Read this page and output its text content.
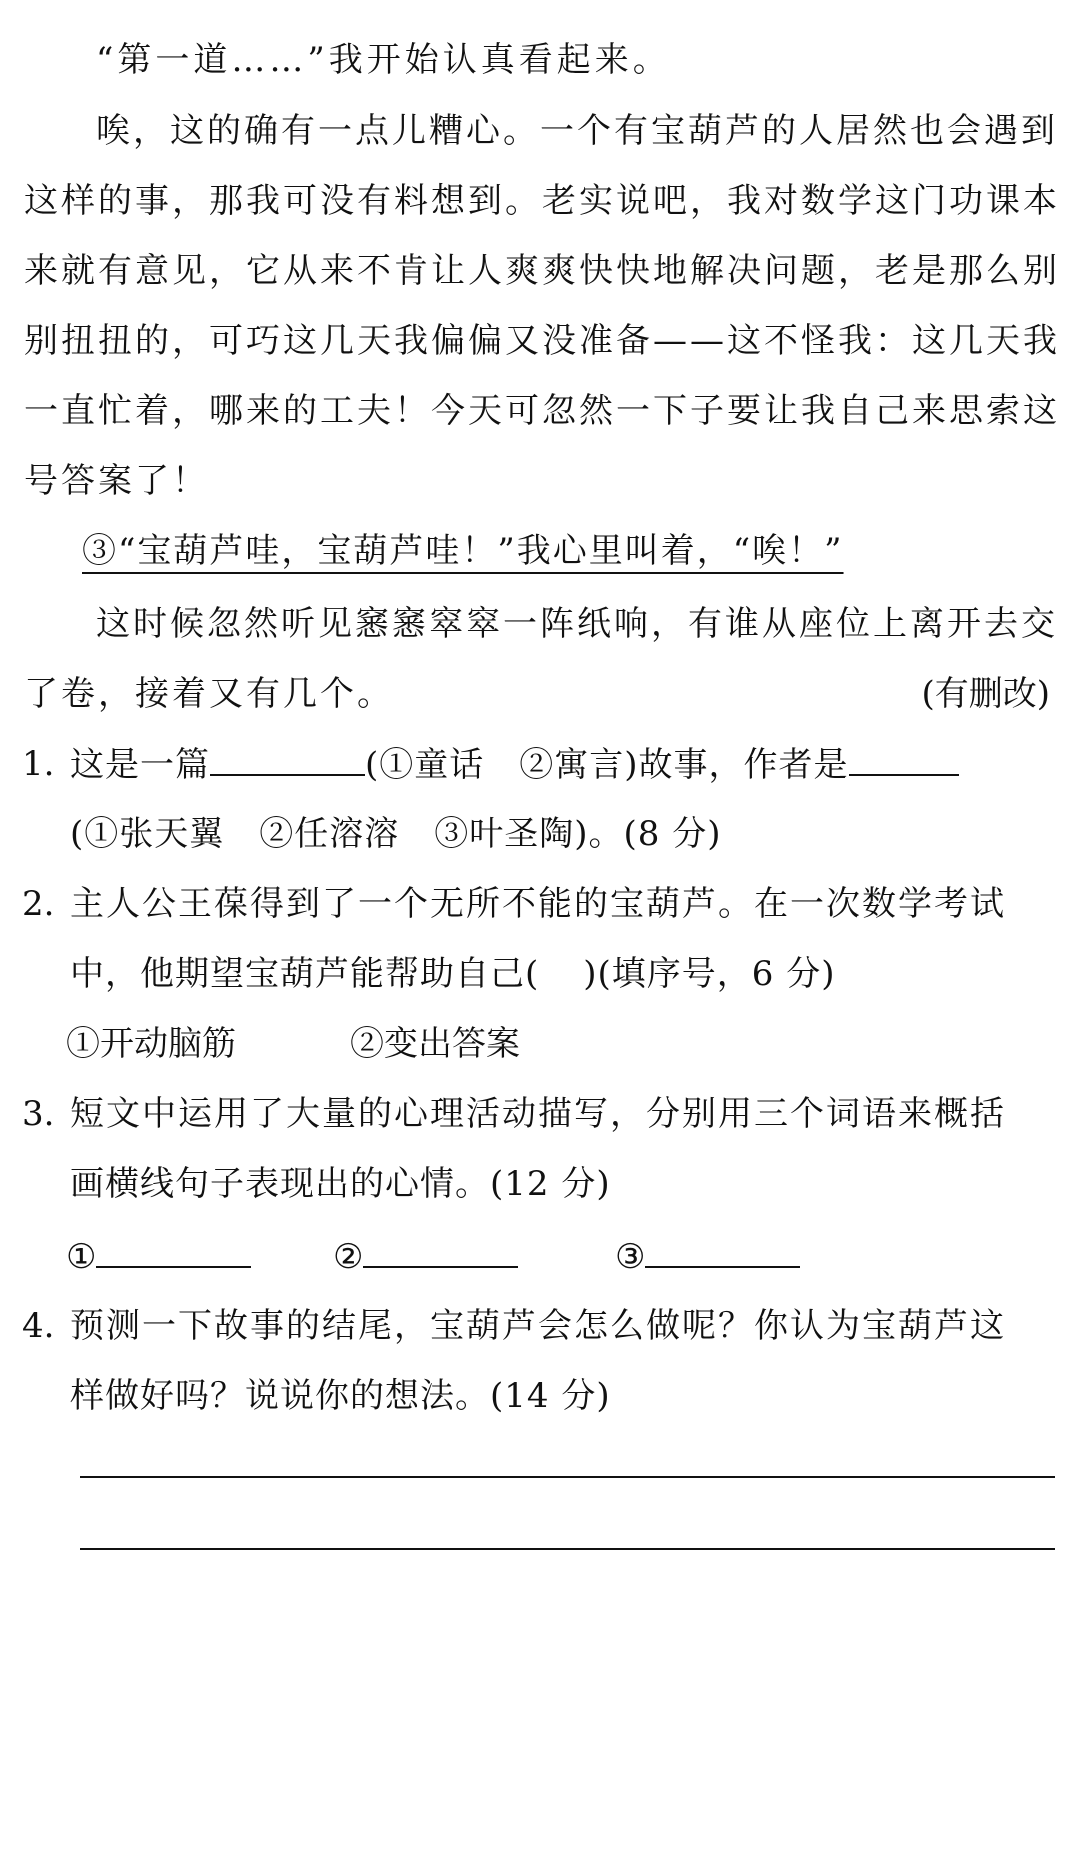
“第一道……”我开始认真看起来。
唉，这的确有一点儿糟心。一个有宝葫芦的人居然也会遇到
这样的事，那我可没有料想到。老实说吧，我对数学这门功课本
来就有意见，它从来不肯让人爽爽快快地解决问题，老是那么别
别扭扭的，可巧这几天我偏偏又没准备——这不怪我：这几天我
一直忙着，哪来的工夫！今天可忽然一下子要让我自己来思索这
号答案了！
③“宝葫芦哇，宝葫芦哇！”我心里叫着，“唉！”
这时候忽然听见窸窸窣窣一阵纸响，有谁从座位上离开去交
了卷，接着又有几个。	(有删改)
1. 这是一篇	(①童话　②寓言)故事，作者是
(①张天翼　②任溶溶　③叶圣陶)。(8 分)
2. 主人公王葆得到了一个无所不能的宝葫芦。在一次数学考试
中，他期望宝葫芦能帮助自己( )(填序号，6 分)
①开动脑筋	②变出答案
3. 短文中运用了大量的心理活动描写，分别用三个词语来概括
画横线句子表现出的心情。(12 分)
①	②	③
4. 预测一下故事的结尾，宝葫芦会怎么做呢？你认为宝葫芦这
样做好吗？说说你的想法。(14 分)
